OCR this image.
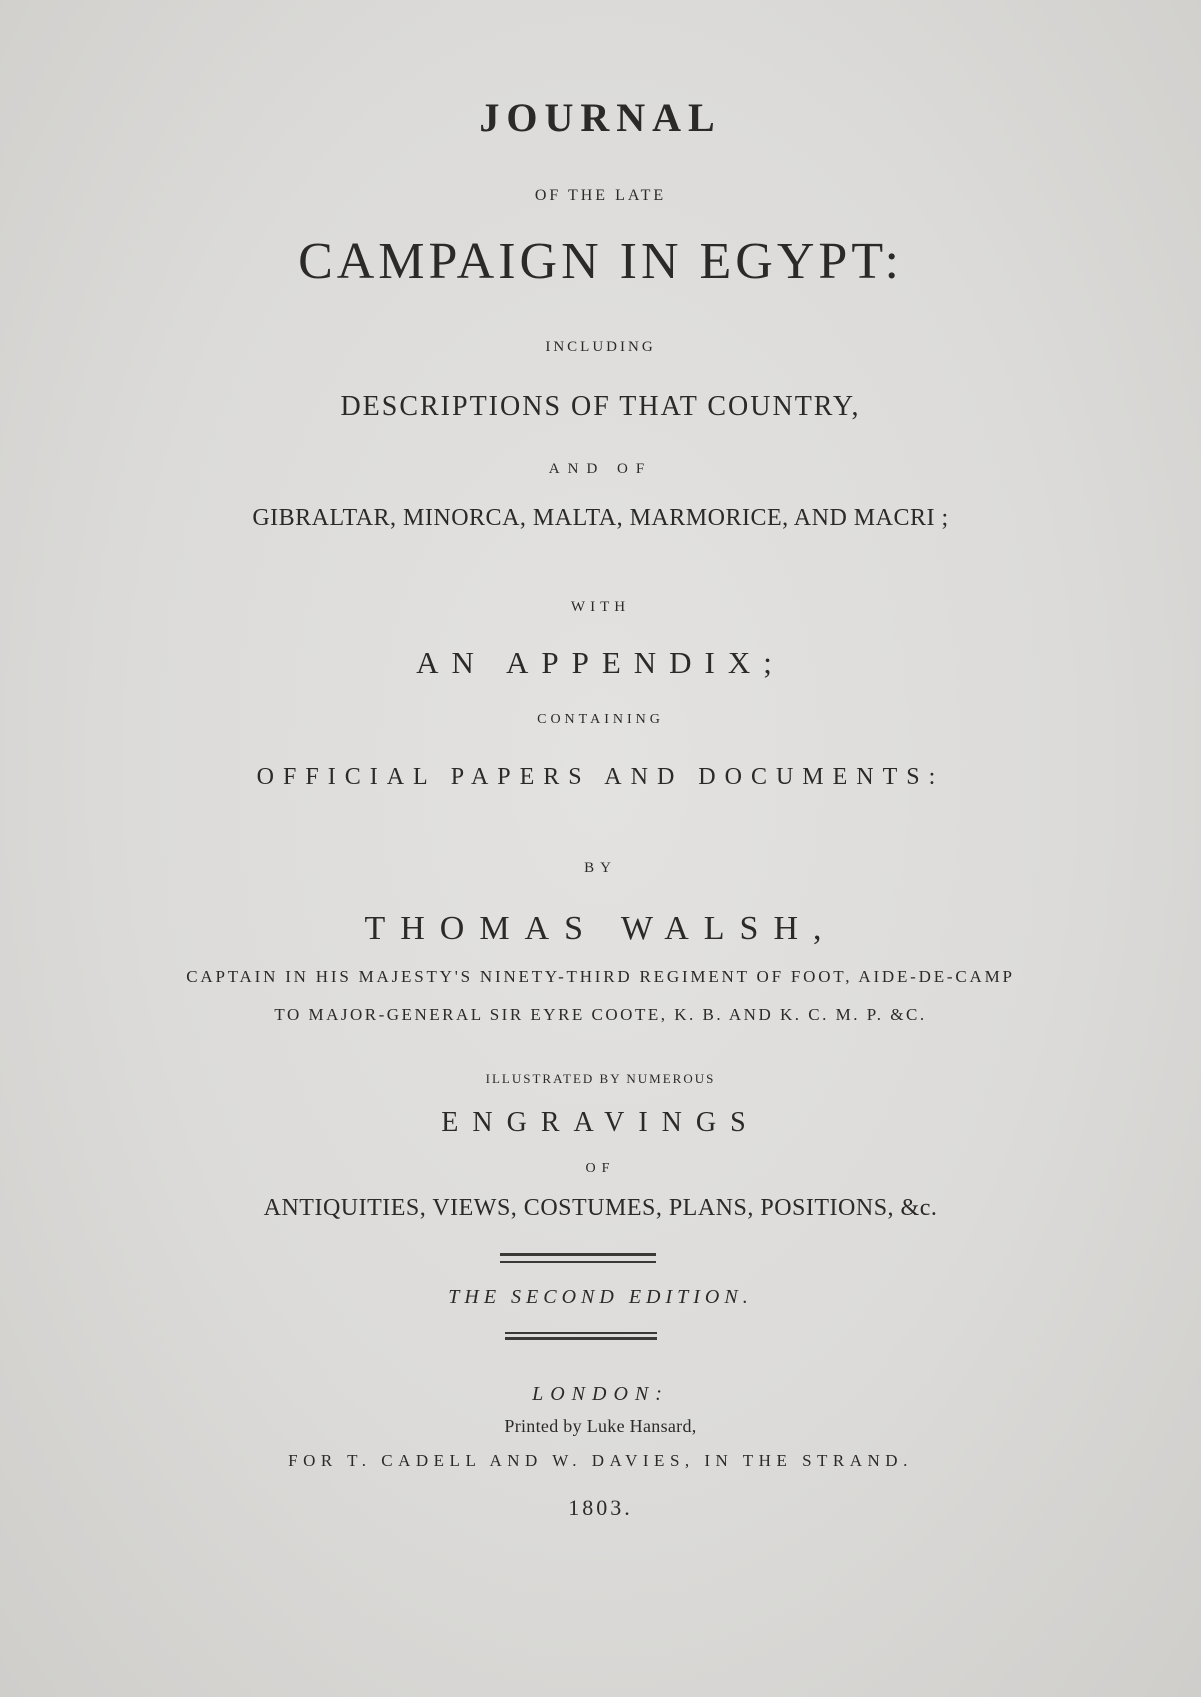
JOURNAL
OF THE LATE
CAMPAIGN IN EGYPT:
INCLUDING
DESCRIPTIONS OF THAT COUNTRY,
AND OF
GIBRALTAR, MINORCA, MALTA, MARMORICE, AND MACRI ;
WITH
AN APPENDIX;
CONTAINING
OFFICIAL PAPERS AND DOCUMENTS:
BY
THOMAS WALSH,
CAPTAIN IN HIS MAJESTY'S NINETY-THIRD REGIMENT OF FOOT, AIDE-DE-CAMP
TO MAJOR-GENERAL SIR EYRE COOTE, K. B. AND K. C. M. P. &C.
ILLUSTRATED BY NUMEROUS
ENGRAVINGS
OF
ANTIQUITIES, VIEWS, COSTUMES, PLANS, POSITIONS, &c.
THE SECOND EDITION.
LONDON:
Printed by Luke Hansard,
FOR T. CADELL AND W. DAVIES, IN THE STRAND.
1803.
